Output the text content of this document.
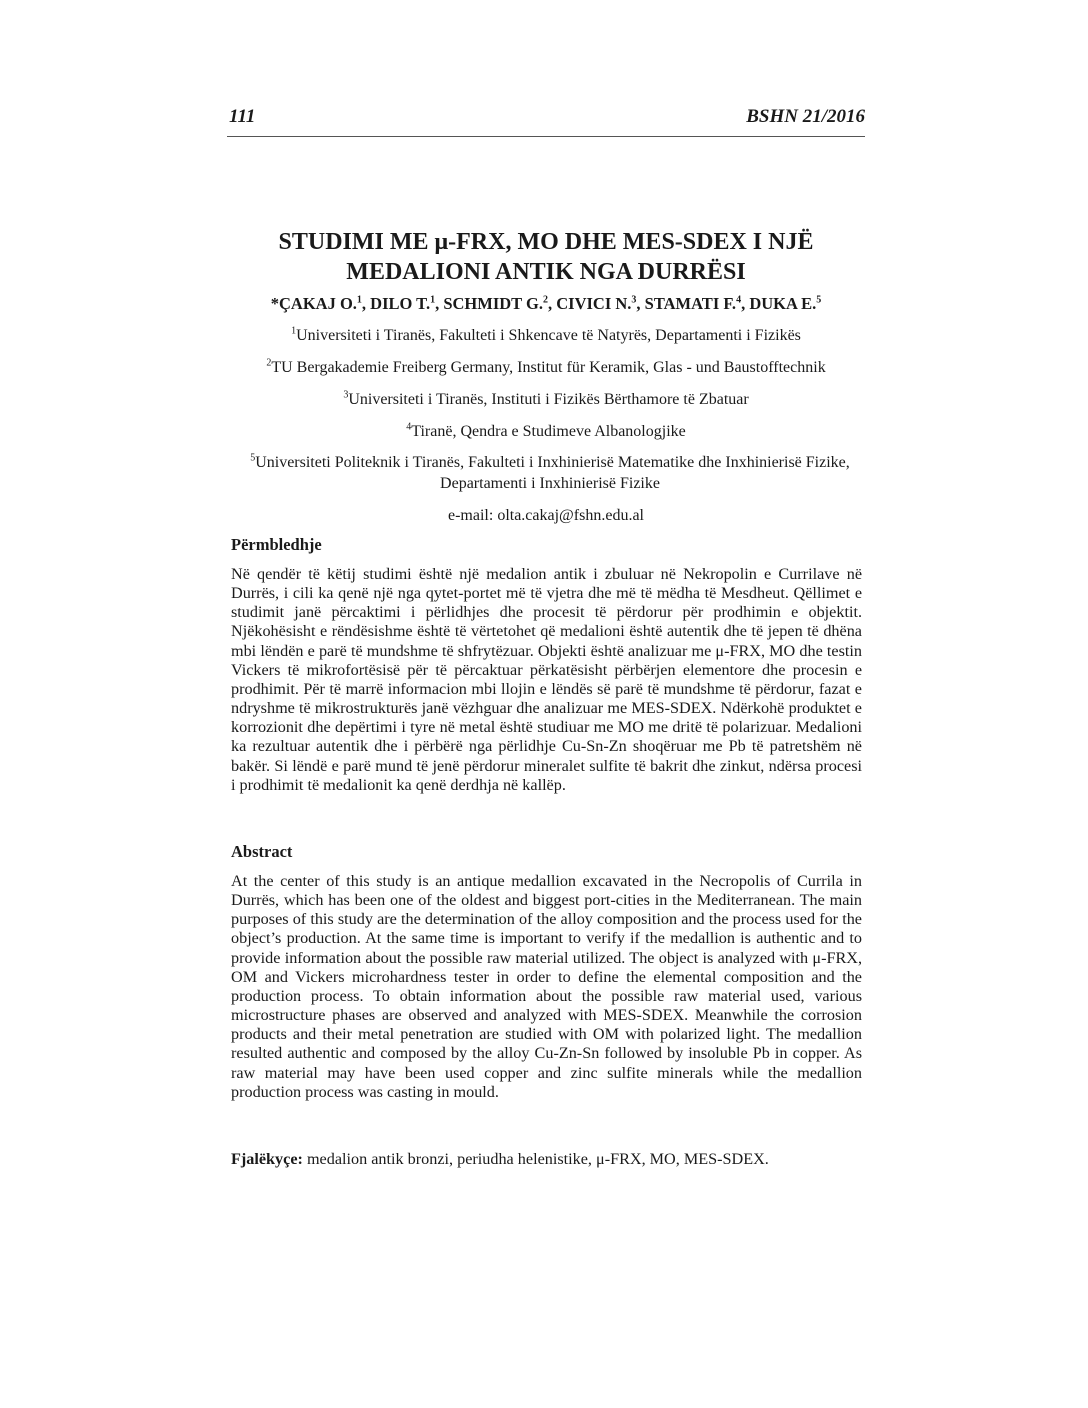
111	BSHN 21/2016
STUDIMI ME μ-FRX, MO DHE MES-SDEX I NJË
MEDALIONI ANTIK NGA DURRËSI
*ÇAKAJ O.$^1$, DILO T.$^1$, SCHMIDT G.$^2$, CIVICI N.$^3$, STAMATI F.$^4$, DUKA E.$^5$
$^1$Universiteti i Tiranës, Fakulteti i Shkencave të Natyrës, Departamenti i Fizikës
$^2$TU Bergakademie Freiberg Germany, Institut für Keramik, Glas - und Baustofftechnik
$^3$Universiteti i Tiranës, Instituti i Fizikës Bërthamore të Zbatuar
$^4$Tiranë, Qendra e Studimeve Albanologjike
$^5$Universiteti Politeknik i Tiranës, Fakulteti i Inxhinierisë Matematike dhe Inxhinierisë Fizike, Departamenti i Inxhinierisë Fizike
e-mail: olta.cakaj@fshn.edu.al
Përmbledhje

Në qendër të këtij studimi është një medalion antik i zbuluar në Nekropolin e Currilave në Durrës, i cili ka qenë një nga qytet-portet më të vjetra dhe më të mëdha të Mesdheut. Qëllimet e studimit janë përcaktimi i përlidhjes dhe procesit të përdorur për prodhimin e objektit. Njëkohësisht e rëndësishme është të vërtetohet që medalioni është autentik dhe të jepen të dhëna mbi lëndën e parë të mundshme të shfrytëzuar. Objekti është analizuar me μ-FRX, MO dhe testin Vickers të mikrofortësisë për të përcaktuar përkatësisht përbërjen elementore dhe procesin e prodhimit. Për të marrë informacion mbi llojin e lëndës së parë të mundshme të përdorur, fazat e ndryshme të mikrostrukturës janë vëzhguar dhe analizuar me MES-SDEX. Ndërkohë produktet e korrozionit dhe depërtimi i tyre në metal është studiuar me MO me dritë të polarizuar. Medalioni ka rezultuar autentik dhe i përbërë nga përlidhje Cu-Sn-Zn shoqëruar me Pb të patretshëm në bakër. Si lëndë e parë mund të jenë përdorur mineralet sulfite të bakrit dhe zinkut, ndërsa procesi i prodhimit të medalionit ka qenë derdhja në kallëp.

Abstract

At the center of this study is an antique medallion excavated in the Necropolis of Currila in Durrës, which has been one of the oldest and biggest port-cities in the Mediterranean. The main purposes of this study are the determination of the alloy composition and the process used for the object’s production. At the same time is important to verify if the medallion is authentic and to provide information about the possible raw material utilized. The object is analyzed with μ-FRX, OM and Vickers microhardness tester in order to define the elemental composition and the production process. To obtain information about the possible raw material used, various microstructure phases are observed and analyzed with MES-SDEX. Meanwhile the corrosion products and their metal penetration are studied with OM with polarized light. The medallion resulted authentic and composed by the alloy Cu-Zn-Sn followed by insoluble Pb in copper. As raw material may have been used copper and zinc sulfite minerals while the medallion production process was casting in mould.

Fjalëkyçe: medalion antik bronzi, periudha helenistike, μ-FRX, MO, MES-SDEX.
